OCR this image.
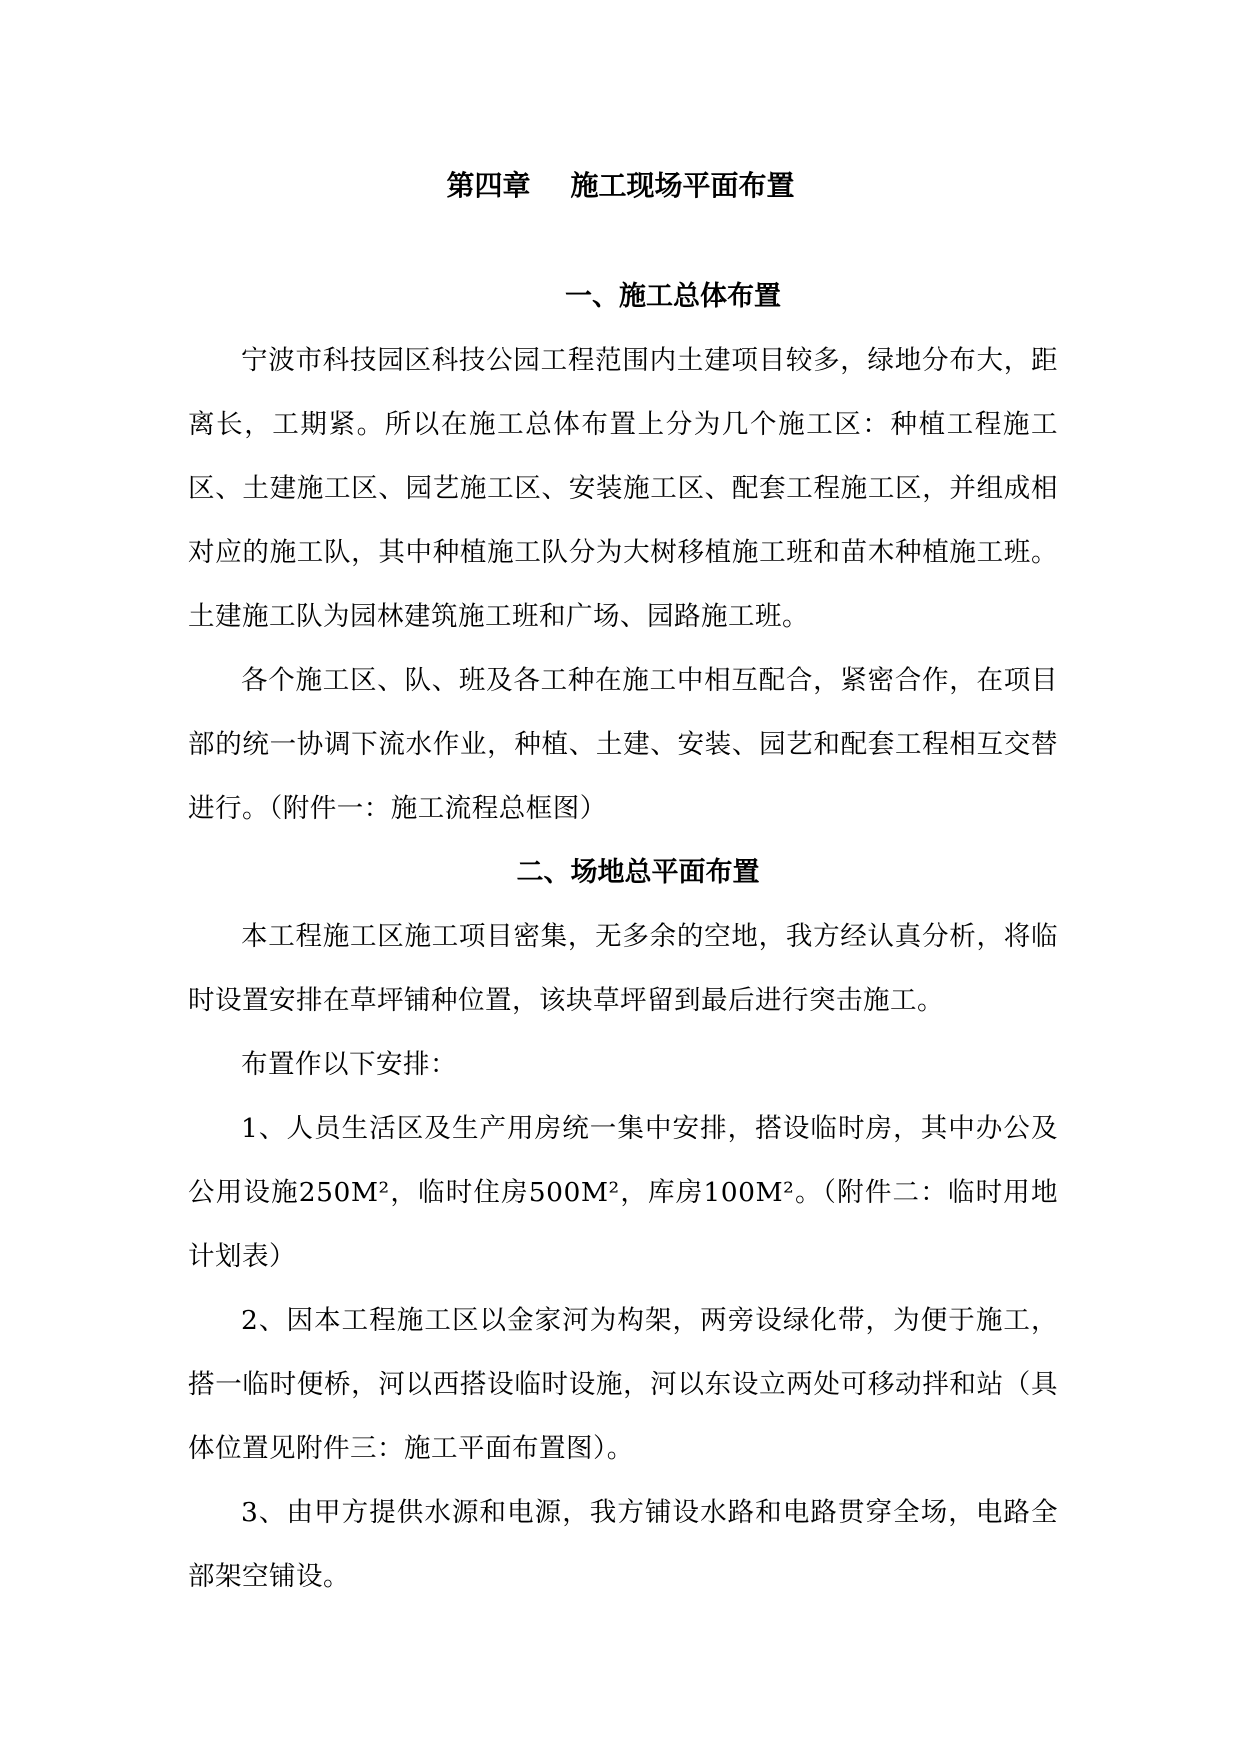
第四章 施工现场平面布置
一、施工总体布置

宁波市科技园区科技公园工程范围内土建项目较多，绿地分布大，距离长，工期紧。所以在施工总体布置上分为几个施工区：种植工程施工区、土建施工区、园艺施工区、安装施工区、配套工程施工区，并组成相对应的施工队，其中种植施工队分为大树移植施工班和苗木种植施工班。土建施工队为园林建筑施工班和广场、园路施工班。

各个施工区、队、班及各工种在施工中相互配合，紧密合作，在项目部的统一协调下流水作业，种植、土建、安装、园艺和配套工程相互交替进行。（附件一：施工流程总框图）

二、场地总平面布置

本工程施工区施工项目密集，无多余的空地，我方经认真分析，将临时设置安排在草坪铺种位置，该块草坪留到最后进行突击施工。

布置作以下安排：

1、人员生活区及生产用房统一集中安排，搭设临时房，其中办公及公用设施250M²，临时住房500M²，库房100M²。（附件二：临时用地计划表）

2、因本工程施工区以金家河为构架，两旁设绿化带，为便于施工，搭一临时便桥，河以西搭设临时设施，河以东设立两处可移动拌和站（具体位置见附件三：施工平面布置图）。

3、由甲方提供水源和电源，我方铺设水路和电路贯穿全场，电路全部架空铺设。
